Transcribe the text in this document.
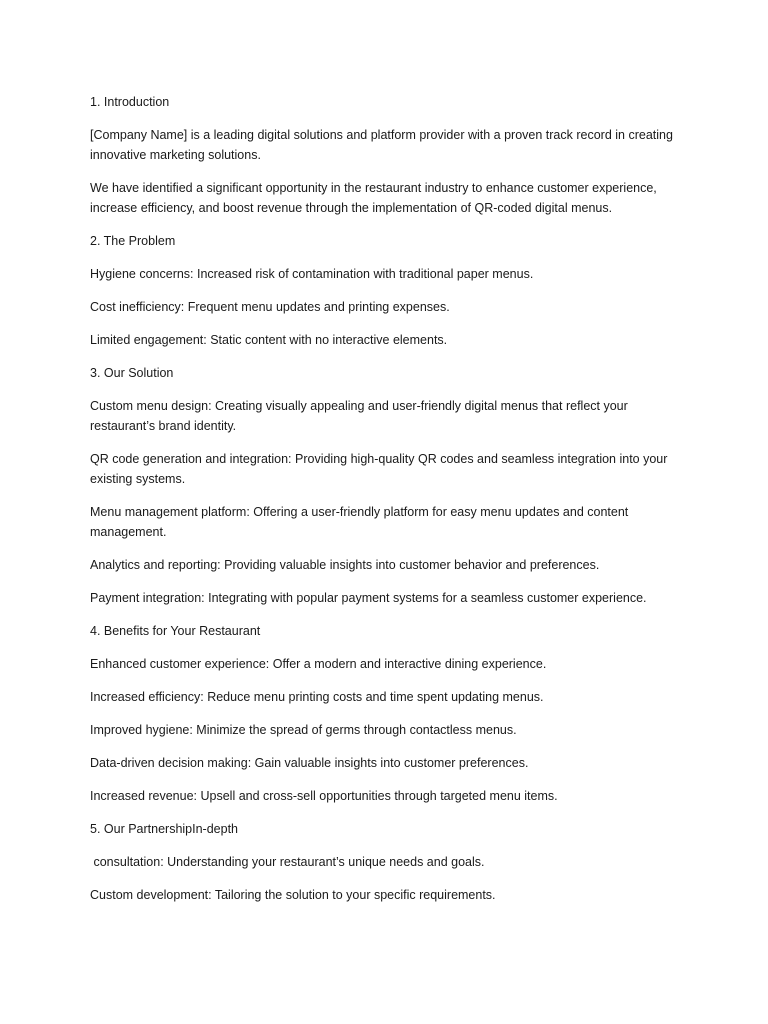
1. Introduction

[Company Name] is a leading digital solutions and platform provider with a proven track record in creating innovative marketing solutions.

We have identified a significant opportunity in the restaurant industry to enhance customer experience, increase efficiency, and boost revenue through the implementation of QR-coded digital menus.

2. The Problem

Hygiene concerns: Increased risk of contamination with traditional paper menus.

Cost inefficiency: Frequent menu updates and printing expenses.

Limited engagement: Static content with no interactive elements.

3. Our Solution

Custom menu design: Creating visually appealing and user-friendly digital menus that reflect your restaurant’s brand identity.

QR code generation and integration: Providing high-quality QR codes and seamless integration into your existing systems.

Menu management platform: Offering a user-friendly platform for easy menu updates and content management.

Analytics and reporting: Providing valuable insights into customer behavior and preferences.

Payment integration: Integrating with popular payment systems for a seamless customer experience.

4. Benefits for Your Restaurant

Enhanced customer experience: Offer a modern and interactive dining experience.

Increased efficiency: Reduce menu printing costs and time spent updating menus.

Improved hygiene: Minimize the spread of germs through contactless menus.

Data-driven decision making: Gain valuable insights into customer preferences.

Increased revenue: Upsell and cross-sell opportunities through targeted menu items.

5. Our PartnershipIn-depth

consultation: Understanding your restaurant’s unique needs and goals.

Custom development: Tailoring the solution to your specific requirements.
